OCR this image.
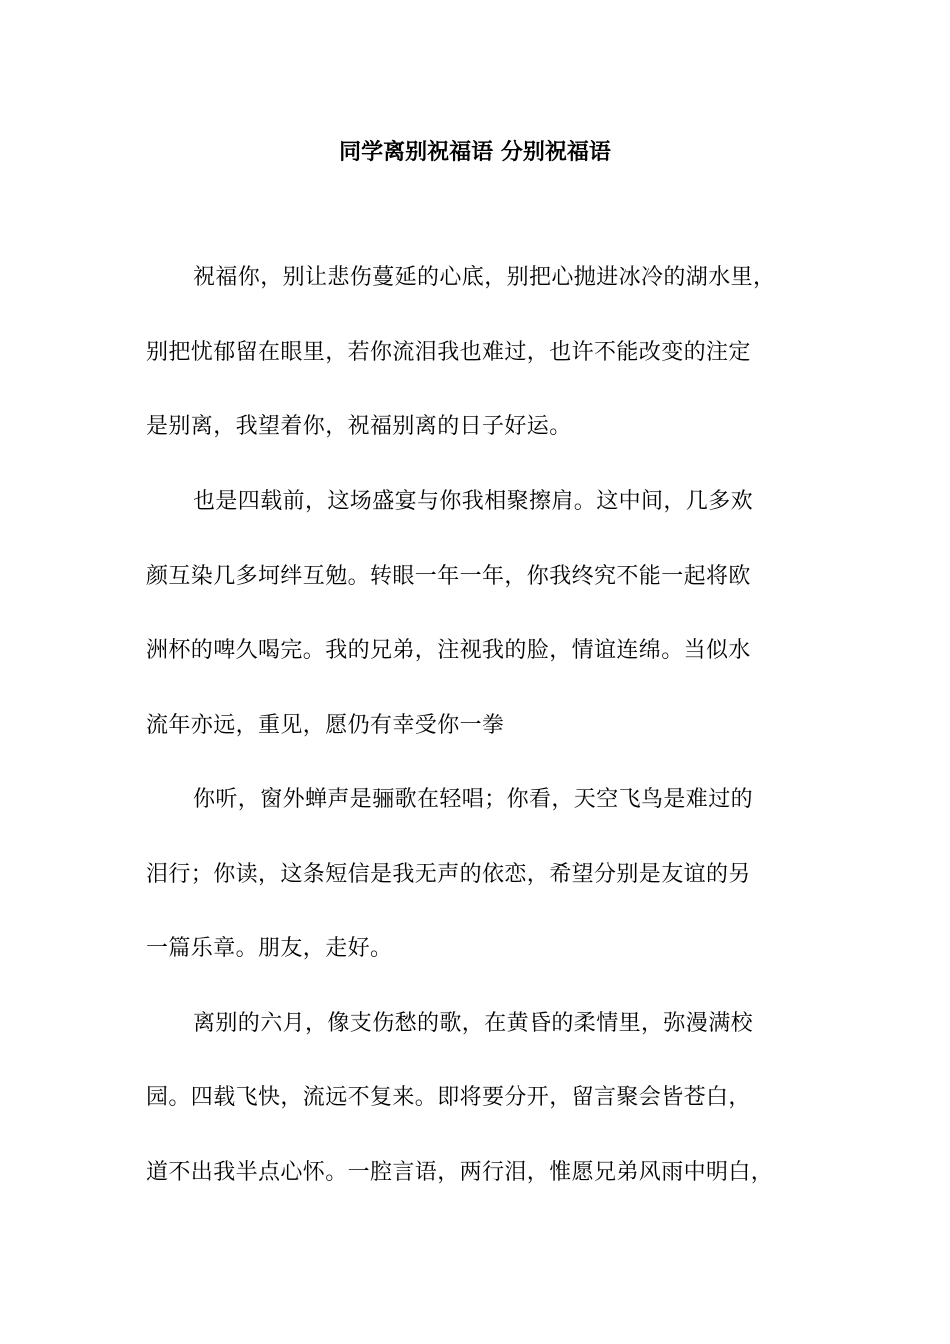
同学离别祝福语 分别祝福语
祝福你，别让悲伤蔓延的心底，别把心抛进冰冷的湖水里，
别把忧郁留在眼里，若你流泪我也难过，也许不能改变的注定
是别离，我望着你，祝福别离的日子好运。
也是四载前，这场盛宴与你我相聚擦肩。这中间，几多欢
颜互染几多坷绊互勉。转眼一年一年，你我终究不能一起将欧
洲杯的啤久喝完。我的兄弟，注视我的脸，情谊连绵。当似水
流年亦远，重见，愿仍有幸受你一拳
你听，窗外蝉声是骊歌在轻唱；你看，天空飞鸟是难过的
泪行；你读，这条短信是我无声的依恋，希望分别是友谊的另
一篇乐章。朋友，走好。
离别的六月，像支伤愁的歌，在黄昏的柔情里，弥漫满校
园。四载飞快，流远不复来。即将要分开，留言聚会皆苍白，
道不出我半点心怀。一腔言语，两行泪，惟愿兄弟风雨中明白，
